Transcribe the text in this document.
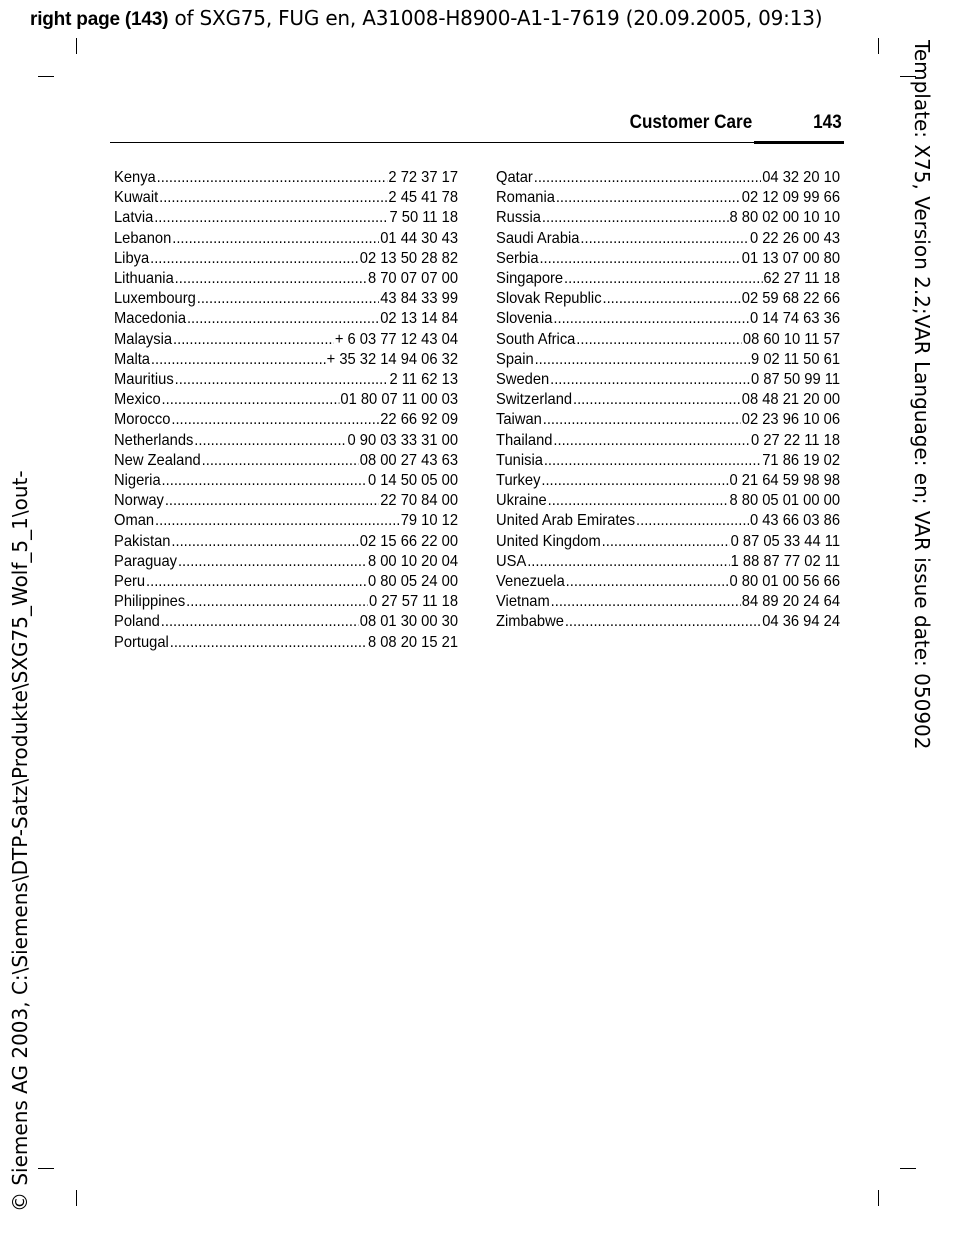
right page (143) of SXG75, FUG en, A31008-H8900-A1-1-7619 (20.09.2005, 09:13)
Template: X75, Version 2.2;VAR Language: en; VAR issue date: 050902
© Siemens AG 2003, C:\Siemens\DTP-Satz\Produkte\SXG75_Wolf_5_1\out-
Customer Care	143
Kenya .....	2 72 37 17
Kuwait .....	2 45 41 78
Latvia .....	7 50 11 18
Lebanon .....	01 44 30 43
Libya .....	02 13 50 28 82
Lithuania .....	8 70 07 07 00
Luxembourg .....	43 84 33 99
Macedonia .....	02 13 14 84
Malaysia .....	+ 6 03 77 12 43 04
Malta .....	+ 35 32 14 94 06 32
Mauritius .....	2 11 62 13
Mexico .....	01 80 07 11 00 03
Morocco .....	22 66 92 09
Netherlands .....	0 90 03 33 31 00
New Zealand .....	08 00 27 43 63
Nigeria .....	0 14 50 05 00
Norway .....	22 70 84 00
Oman .....	79 10 12
Pakistan .....	02 15 66 22 00
Paraguay .....	8 00 10 20 04
Peru .....	0 80 05 24 00
Philippines .....	0 27 57 11 18
Poland .....	08 01 30 00 30
Portugal .....	8 08 20 15 21
Qatar .....	04 32 20 10
Romania .....	02 12 09 99 66
Russia .....	8 80 02 00 10 10
Saudi Arabia .....	0 22 26 00 43
Serbia .....	01 13 07 00 80
Singapore .....	62 27 11 18
Slovak Republic .....	02 59 68 22 66
Slovenia .....	0 14 74 63 36
South Africa .....	08 60 10 11 57
Spain .....	9 02 11 50 61
Sweden .....	0 87 50 99 11
Switzerland .....	08 48 21 20 00
Taiwan .....	02 23 96 10 06
Thailand .....	0 27 22 11 18
Tunisia .....	71 86 19 02
Turkey .....	0 21 64 59 98 98
Ukraine .....	8 80 05 01 00 00
United Arab Emirates .....	0 43 66 03 86
United Kingdom .....	0 87 05 33 44 11
USA .....	1 88 87 77 02 11
Venezuela .....	0 80 01 00 56 66
Vietnam .....	84 89 20 24 64
Zimbabwe .....	04 36 94 24
